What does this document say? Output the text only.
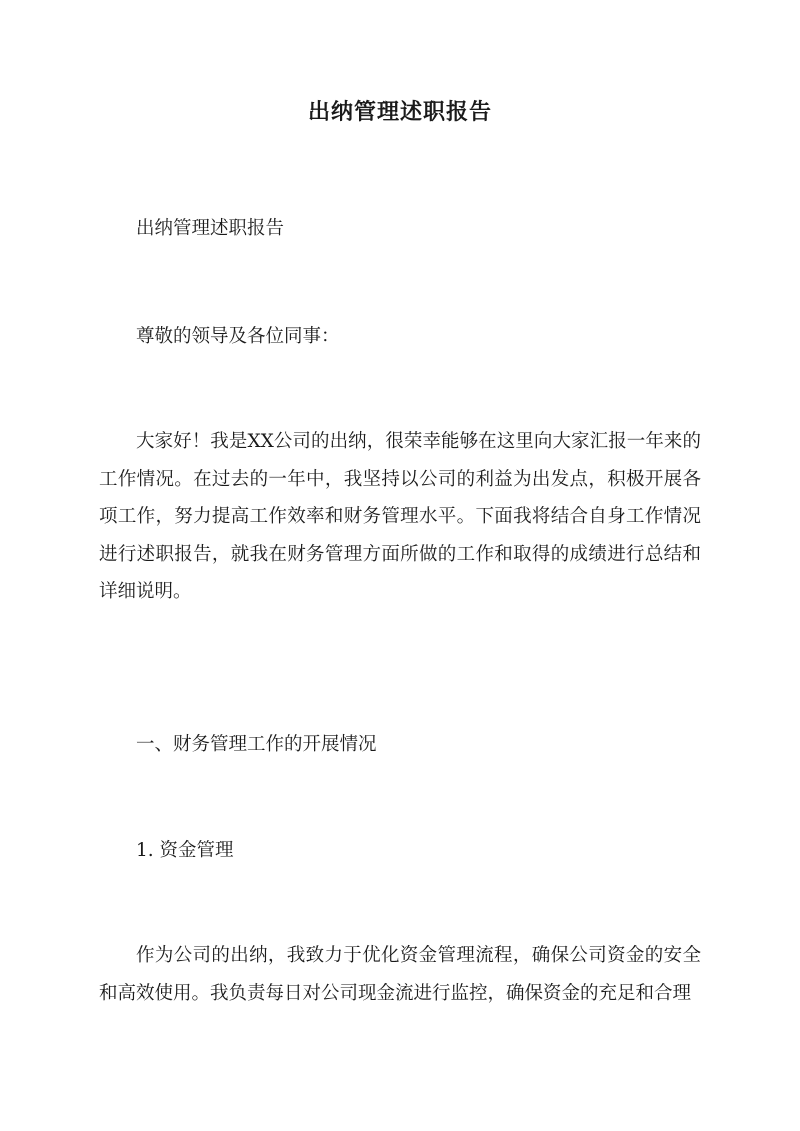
出纳管理述职报告

出纳管理述职报告

尊敬的领导及各位同事：

大家好！我是XX公司的出纳，很荣幸能够在这里向大家汇报一年来的工作情况。在过去的一年中，我坚持以公司的利益为出发点，积极开展各项工作，努力提高工作效率和财务管理水平。下面我将结合自身工作情况进行述职报告，就我在财务管理方面所做的工作和取得的成绩进行总结和详细说明。

一、财务管理工作的开展情况

1. 资金管理

作为公司的出纳，我致力于优化资金管理流程，确保公司资金的安全和高效使用。我负责每日对公司现金流进行监控，确保资金的充足和合理
